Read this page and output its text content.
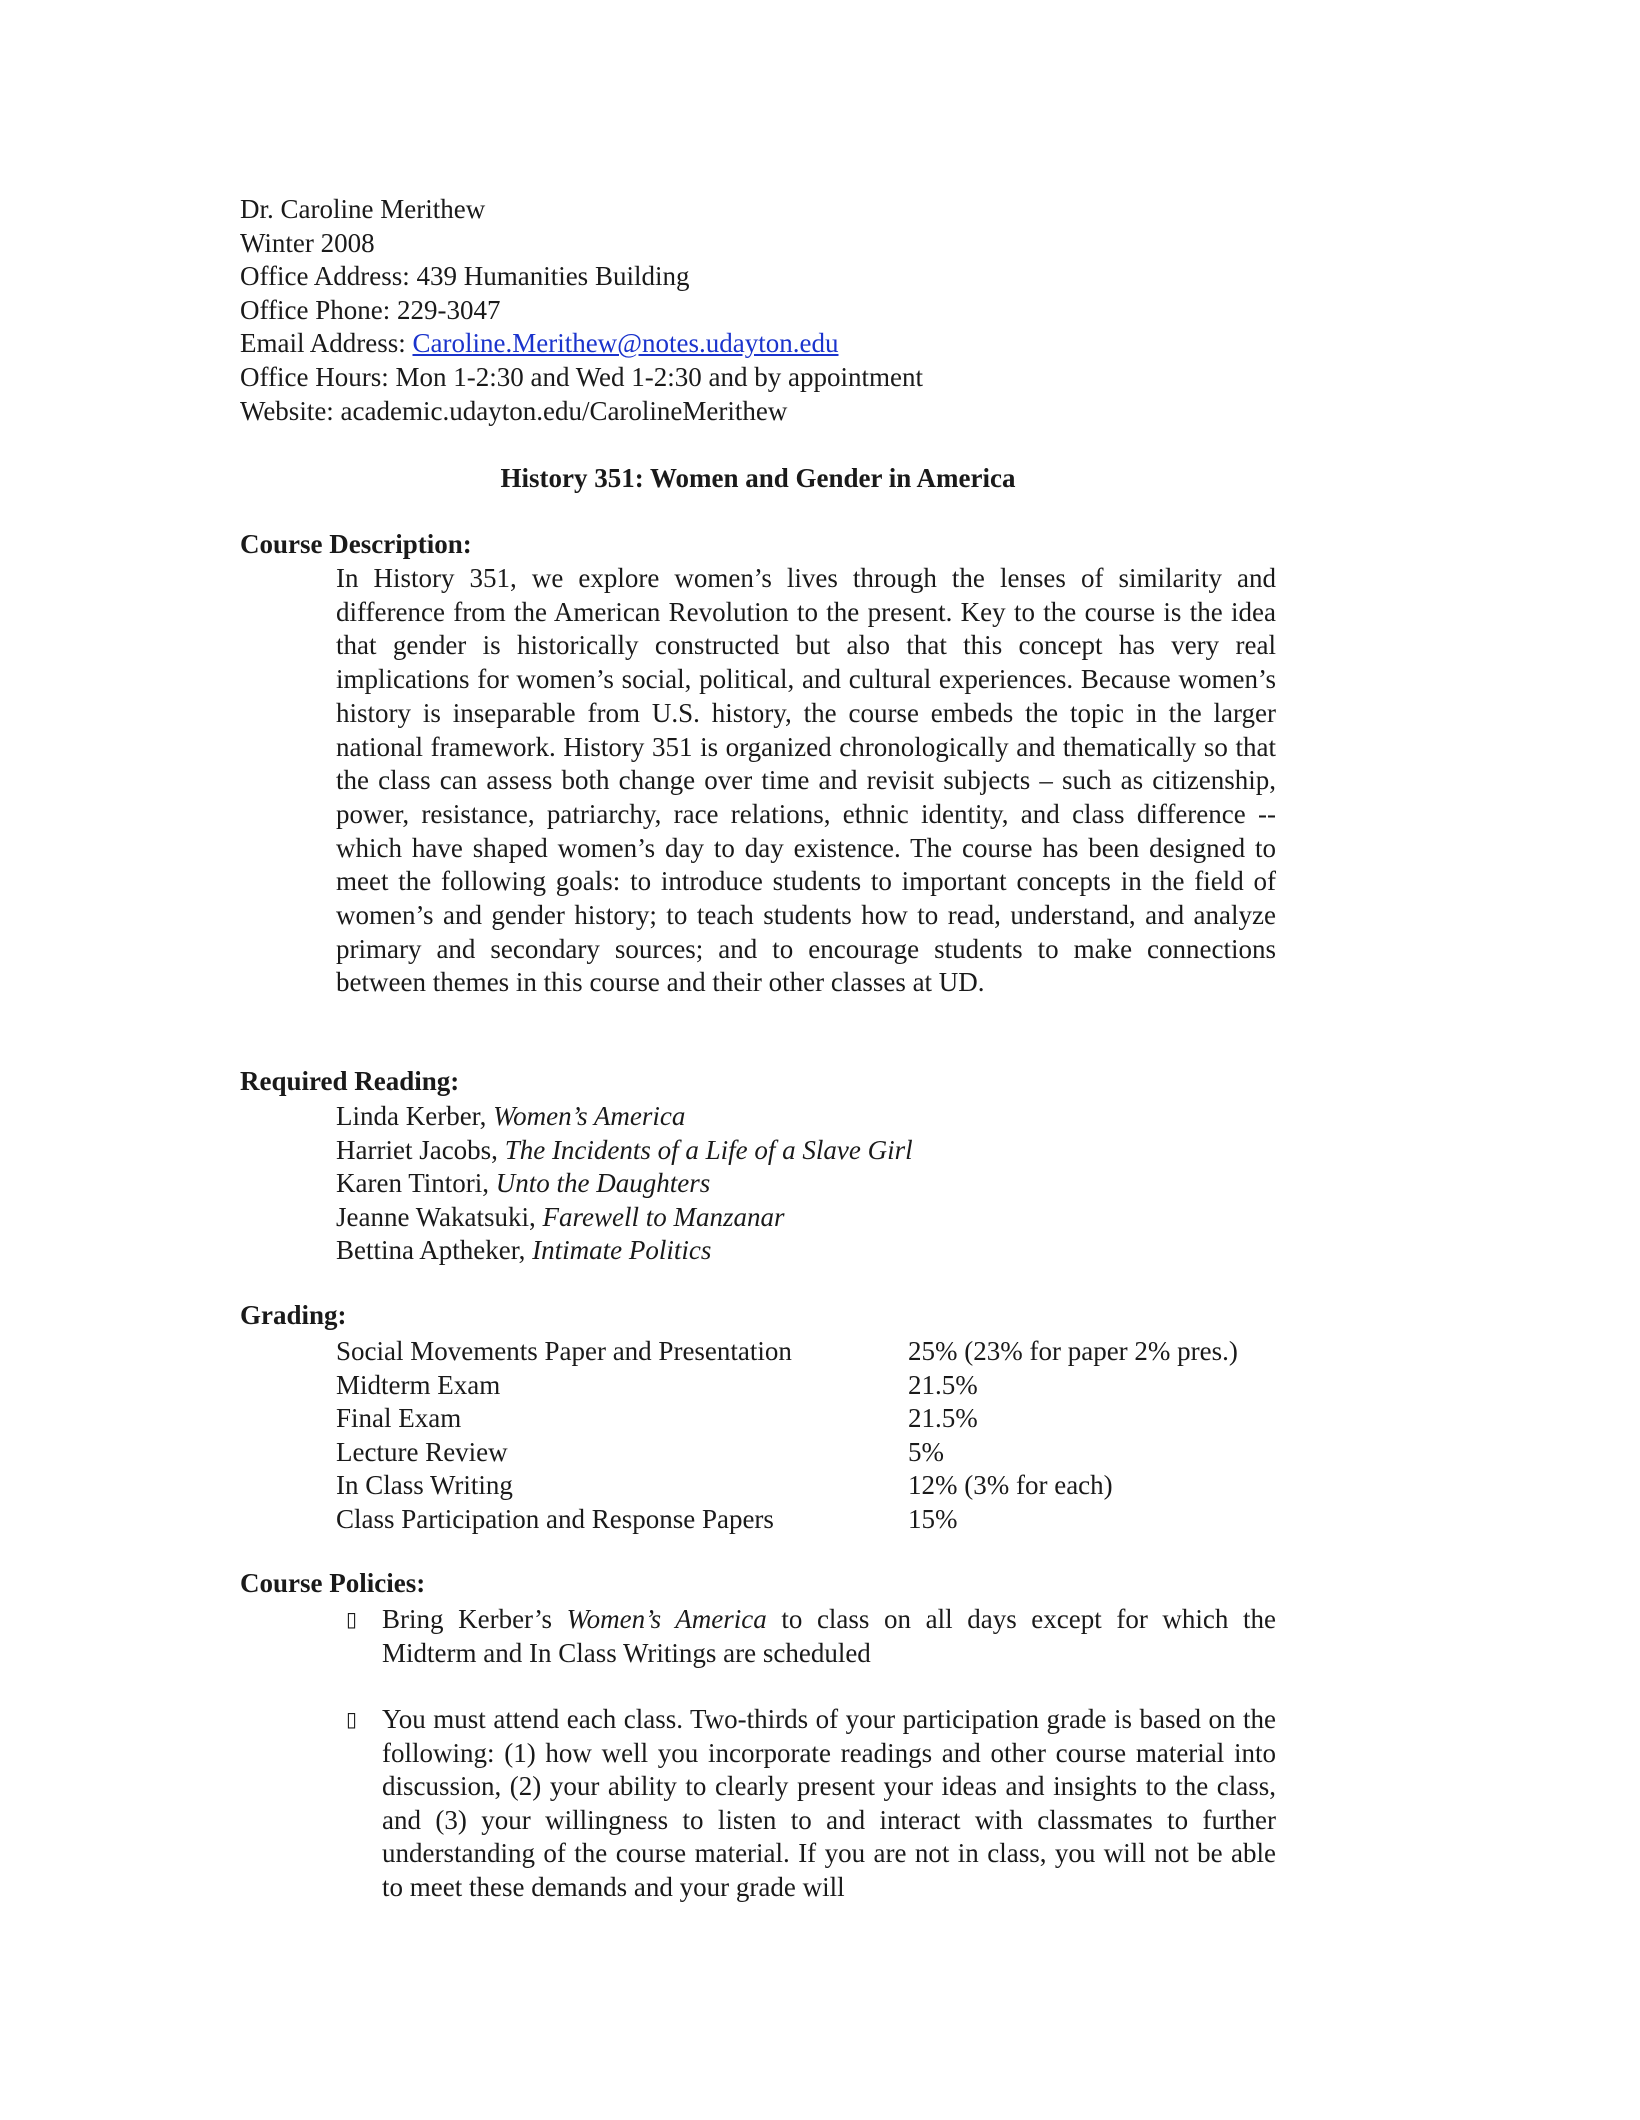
Dr. Caroline Merithew
Winter 2008
Office Address: 439 Humanities Building
Office Phone: 229-3047
Email Address: Caroline.Merithew@notes.udayton.edu
Office Hours: Mon 1-2:30 and Wed 1-2:30 and by appointment
Website: academic.udayton.edu/CarolineMerithew
History 351: Women and Gender in America
Course Description:
In History 351, we explore women’s lives through the lenses of similarity and difference from the American Revolution to the present. Key to the course is the idea that gender is historically constructed but also that this concept has very real implications for women’s social, political, and cultural experiences. Because women’s history is inseparable from U.S. history, the course embeds the topic in the larger national framework. History 351 is organized chronologically and thematically so that the class can assess both change over time and revisit subjects – such as citizenship, power, resistance, patriarchy, race relations, ethnic identity, and class difference -- which have shaped women’s day to day existence. The course has been designed to meet the following goals: to introduce students to important concepts in the field of women’s and gender history; to teach students how to read, understand, and analyze primary and secondary sources; and to encourage students to make connections between themes in this course and their other classes at UD.
Required Reading:
Linda Kerber, Women’s America
Harriet Jacobs, The Incidents of a Life of a Slave Girl
Karen Tintori, Unto the Daughters
Jeanne Wakatsuki, Farewell to Manzanar
Bettina Aptheker, Intimate Politics
Grading:
Social Movements Paper and Presentation	25% (23% for paper 2% pres.)
Midterm Exam	21.5%
Final Exam	21.5%
Lecture Review	5%
In Class Writing	12% (3% for each)
Class Participation and Response Papers	15%
Course Policies:
▯ Bring Kerber’s Women’s America to class on all days except for which the Midterm and In Class Writings are scheduled
▯ You must attend each class. Two-thirds of your participation grade is based on the following: (1) how well you incorporate readings and other course material into discussion, (2) your ability to clearly present your ideas and insights to the class, and (3) your willingness to listen to and interact with classmates to further understanding of the course material. If you are not in class, you will not be able to meet these demands and your grade will
